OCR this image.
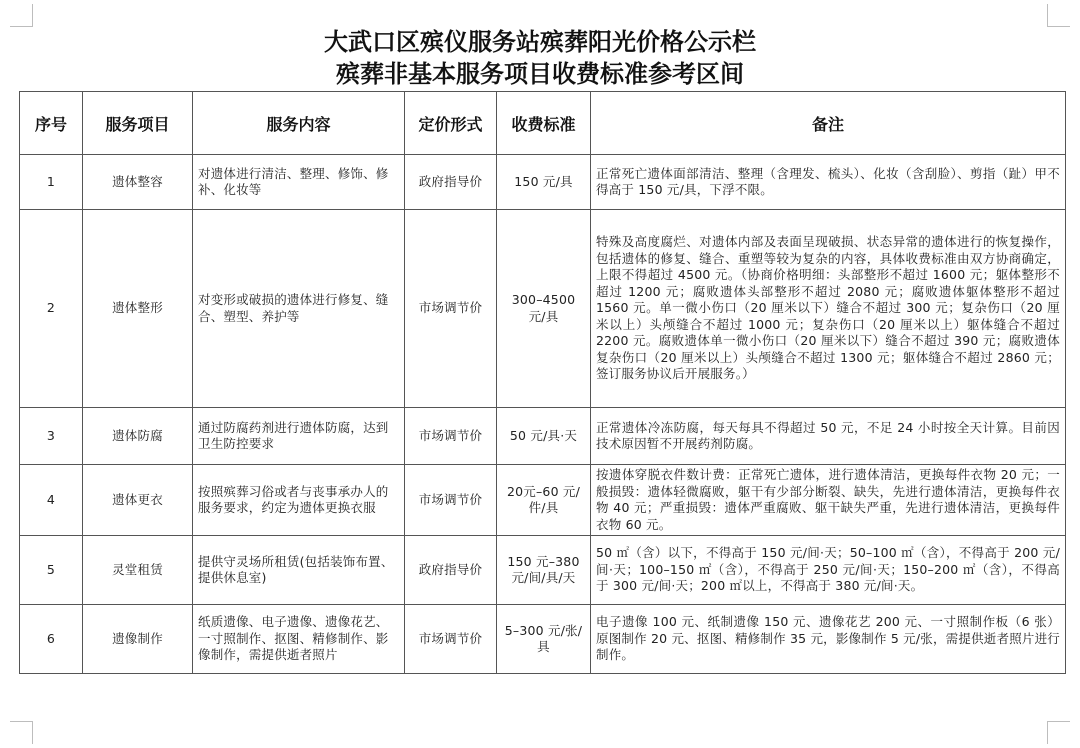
大武口区殡仪服务站殡葬阳光价格公示栏
殡葬非基本服务项目收费标准参考区间
序号	服务项目	服务内容	定价形式	收费标准	备注
1	遗体整容	对遗体进行清洁、整理、修饰、修补、化妆等	政府指导价	150 元/具	正常死亡遗体面部清洁、整理（含理发、梳头）、化妆（含刮脸）、剪指（趾）甲不得高于 150 元/具，下浮不限。
2	遗体整形	对变形或破损的遗体进行修复、缝合、塑型、养护等	市场调节价	300–4500 元/具	特殊及高度腐烂、对遗体内部及表面呈现破损、状态异常的遗体进行的恢复操作，包括遗体的修复、缝合、重塑等较为复杂的内容，具体收费标准由双方协商确定，上限不得超过 4500 元。（协商价格明细：头部整形不超过 1600 元；躯体整形不超过 1200 元；腐败遗体头部整形不超过 2080 元；腐败遗体躯体整形不超过 1560 元。单一微小伤口（20 厘米以下）缝合不超过 300 元；复杂伤口（20 厘米以上）头颅缝合不超过 1000 元；复杂伤口（20 厘米以上）躯体缝合不超过 2200 元。腐败遗体单一微小伤口（20 厘米以下）缝合不超过 390 元；腐败遗体复杂伤口（20 厘米以上）头颅缝合不超过 1300 元；躯体缝合不超过 2860 元；签订服务协议后开展服务。）
3	遗体防腐	通过防腐药剂进行遗体防腐，达到卫生防控要求	市场调节价	50 元/具·天	正常遗体冷冻防腐，每天每具不得超过 50 元，不足 24 小时按全天计算。目前因技术原因暂不开展药剂防腐。
4	遗体更衣	按照殡葬习俗或者与丧事承办人的服务要求，约定为遗体更换衣服	市场调节价	20元–60 元/件/具	按遗体穿脱衣件数计费：正常死亡遗体，进行遗体清洁，更换每件衣物 20 元；一般损毁：遗体轻微腐败，躯干有少部分断裂、缺失，先进行遗体清洁，更换每件衣物 40 元；严重损毁：遗体严重腐败、躯干缺失严重，先进行遗体清洁，更换每件衣物 60 元。
5	灵堂租赁	提供守灵场所租赁(包括装饰布置、提供休息室)	政府指导价	150 元–380 元/间/具/天	50 ㎡（含）以下，不得高于 150 元/间·天；50–100 ㎡（含），不得高于 200 元/间·天；100–150 ㎡（含），不得高于 250 元/间·天；150–200 ㎡（含），不得高于 300 元/间·天；200 ㎡以上，不得高于 380 元/间·天。
6	遗像制作	纸质遗像、电子遗像、遗像花艺、一寸照制作、抠图、精修制作、影像制作，需提供逝者照片	市场调节价	5–300 元/张/具	电子遗像 100 元、纸制遗像 150 元、遗像花艺 200 元、一寸照制作板（6 张）原图制作 20 元、抠图、精修制作 35 元，影像制作 5 元/张，需提供逝者照片进行制作。
